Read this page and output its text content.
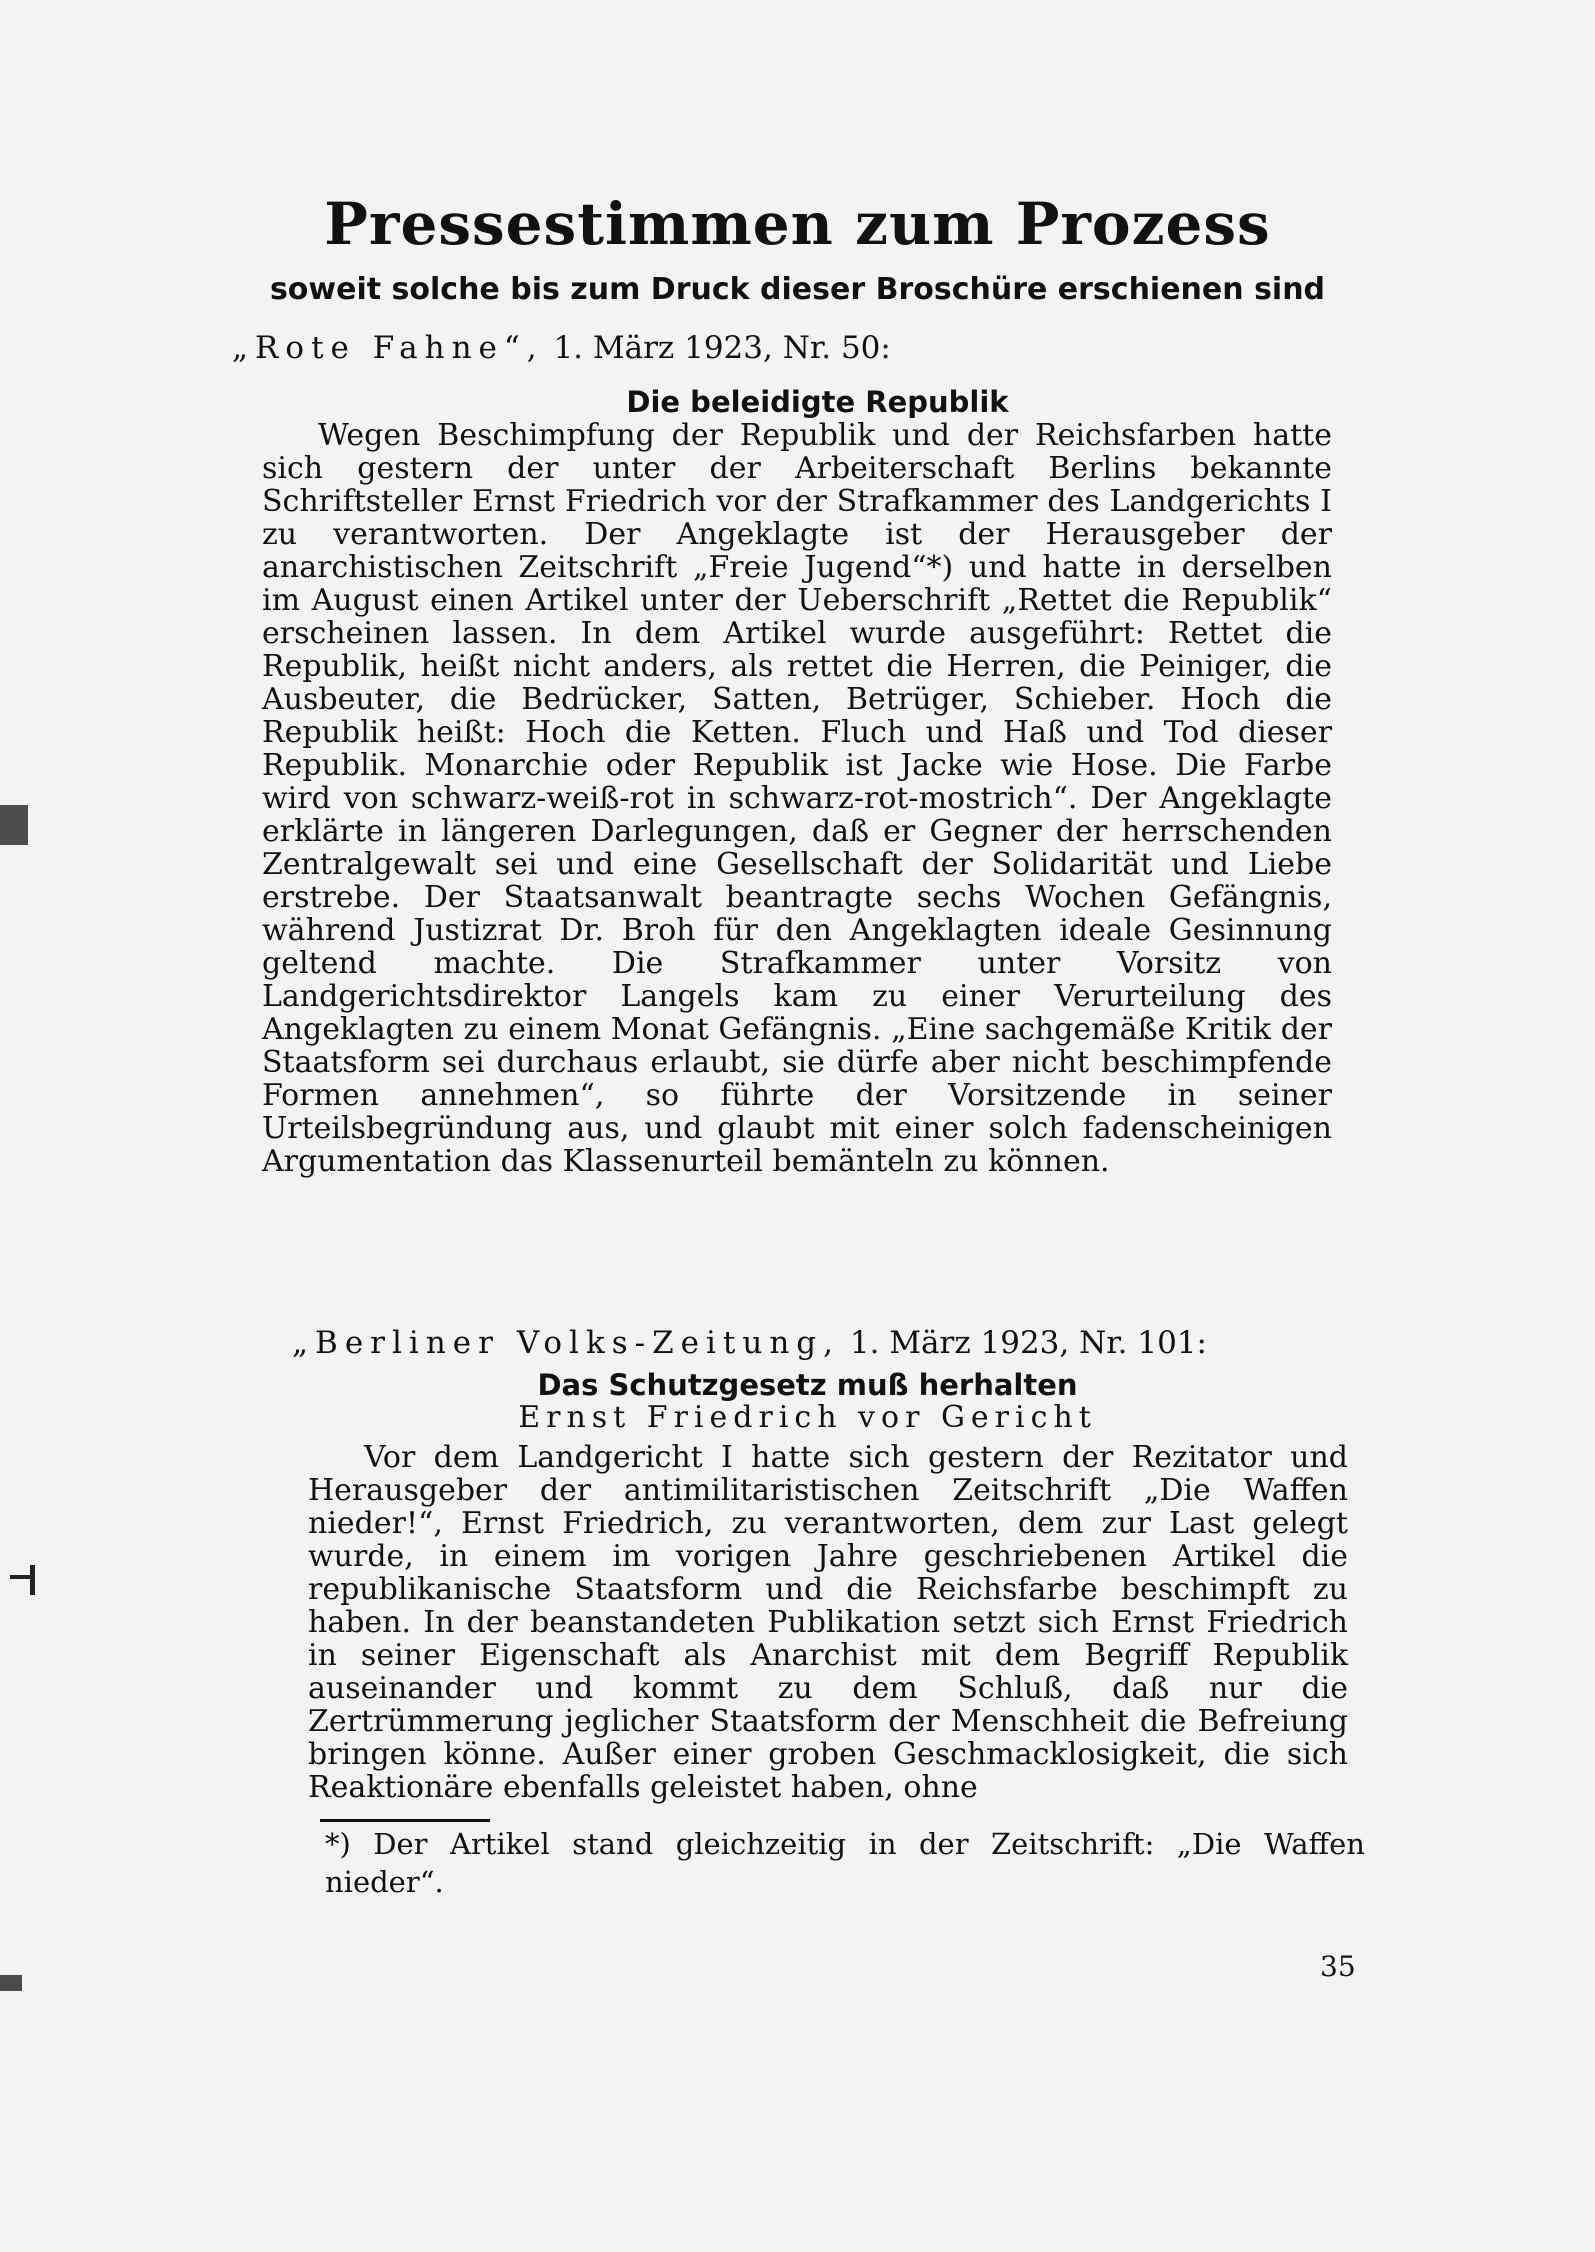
Pressestimmen zum Prozess
soweit solche bis zum Druck dieser Broschüre erschienen sind
„Rote Fahne“, 1. März 1923, Nr. 50:
Die beleidigte Republik

Wegen Beschimpfung der Republik und der Reichsfarben hatte sich gestern der unter der Arbeiterschaft Berlins bekannte Schriftsteller Ernst Friedrich vor der Strafkammer des Landgerichts I zu verantworten. Der Angeklagte ist der Herausgeber der anarchistischen Zeitschrift „Freie Jugend“*) und hatte in derselben im August einen Artikel unter der Ueberschrift „Rettet die Republik“ erscheinen lassen. In dem Artikel wurde ausgeführt: Rettet die Republik, heißt nicht anders, als rettet die Herren, die Peiniger, die Ausbeuter, die Bedrücker, Satten, Betrüger, Schieber. Hoch die Republik heißt: Hoch die Ketten. Fluch und Haß und Tod dieser Republik. Monarchie oder Republik ist Jacke wie Hose. Die Farbe wird von schwarz-weiß-rot in schwarz-rot-mostrich“. Der Angeklagte erklärte in längeren Darlegungen, daß er Gegner der herrschenden Zentralgewalt sei und eine Gesellschaft der Solidarität und Liebe erstrebe. Der Staatsanwalt beantragte sechs Wochen Gefängnis, während Justizrat Dr. Broh für den Angeklagten ideale Gesinnung geltend machte. Die Strafkammer unter Vorsitz von Landgerichtsdirektor Langels kam zu einer Verurteilung des Angeklagten zu einem Monat Gefängnis. „Eine sachgemäße Kritik der Staatsform sei durchaus erlaubt, sie dürfe aber nicht beschimpfende Formen annehmen“, so führte der Vorsitzende in seiner Urteilsbegründung aus, und glaubt mit einer solch fadenscheinigen Argumentation das Klassenurteil bemänteln zu können.

„Berliner Volks-Zeitung, 1. März 1923, Nr. 101:
Das Schutzgesetz muß herhalten
Ernst Friedrich vor Gericht

Vor dem Landgericht I hatte sich gestern der Rezitator und Herausgeber der antimilitaristischen Zeitschrift „Die Waffen nieder!“, Ernst Friedrich, zu verantworten, dem zur Last gelegt wurde, in einem im vorigen Jahre geschriebenen Artikel die republikanische Staatsform und die Reichsfarbe beschimpft zu haben. In der beanstandeten Publikation setzt sich Ernst Friedrich in seiner Eigenschaft als Anarchist mit dem Begriff Republik auseinander und kommt zu dem Schluß, daß nur die Zertrümmerung jeglicher Staatsform der Menschheit die Befreiung bringen könne. Außer einer groben Geschmacklosigkeit, die sich Reaktionäre ebenfalls geleistet haben, ohne

*) Der Artikel stand gleichzeitig in der Zeitschrift: „Die Waffen nieder“.
35
